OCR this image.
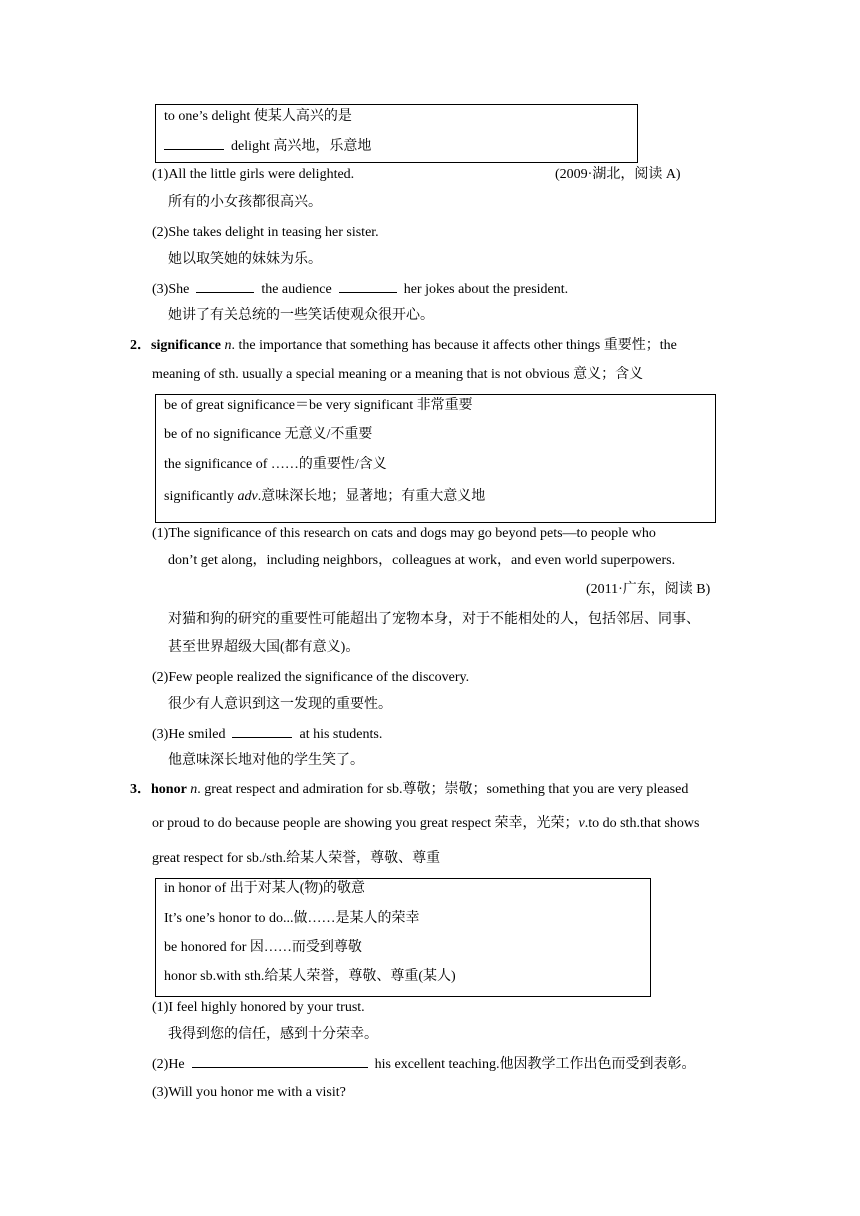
to one’s delight 使某人高兴的是
delight 高兴地，乐意地
(1)All the little girls were delighted.	(2009·湖北，阅读 A)
所有的小女孩都很高兴。
(2)She takes delight in teasing her sister.
她以取笑她的妹妹为乐。
(3)She	the audience	her jokes about the president.
她讲了有关总统的一些笑话使观众很开心。
2．significance n. the importance that something has because it affects other things 重要性；the
meaning of sth. usually a special meaning or a meaning that is not obvious 意义；含义
be of great significance＝be very significant 非常重要
be of no significance 无意义/不重要
the significance of ……的重要性/含义
significantly adv.意味深长地；显著地；有重大意义地
(1)The significance of this research on cats and dogs may go beyond pets—to people who
don’t get along，including neighbors，colleagues at work，and even world superpowers.
(2011·广东，阅读 B)
对猫和狗的研究的重要性可能超出了宠物本身，对于不能相处的人，包括邻居、同事、
甚至世界超级大国(都有意义)。
(2)Few people realized the significance of the discovery.
很少有人意识到这一发现的重要性。
(3)He smiled	at his students.
他意味深长地对他的学生笑了。
3．honor n. great respect and admiration for sb.尊敬；崇敬；something that you are very pleased
or proud to do because people are showing you great respect 荣幸，光荣；v.to do sth.that shows
great respect for sb./sth.给某人荣誉，尊敬、尊重
in honor of 出于对某人(物)的敬意
It’s one’s honor to do...做……是某人的荣幸
be honored for 因……而受到尊敬
honor sb.with sth.给某人荣誉，尊敬、尊重(某人)
(1)I feel highly honored by your trust.
我得到您的信任，感到十分荣幸。
(2)He	his excellent teaching.他因教学工作出色而受到表彰。
(3)Will you honor me with a visit?
